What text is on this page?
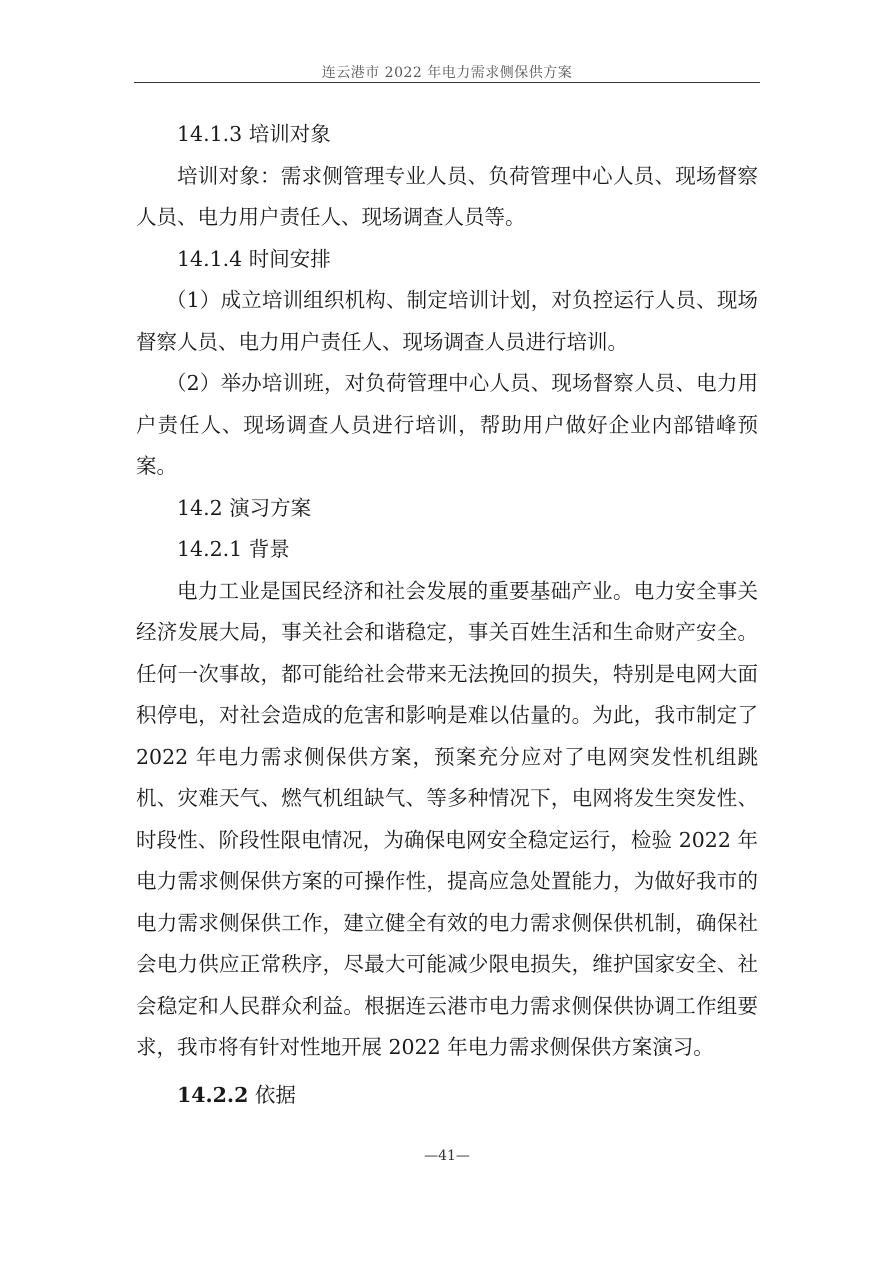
连云港市 2022 年电力需求侧保供方案

14.1.3 培训对象

培训对象：需求侧管理专业人员、负荷管理中心人员、现场督察人员、电力用户责任人、现场调查人员等。

14.1.4 时间安排

（1）成立培训组织机构、制定培训计划，对负控运行人员、现场督察人员、电力用户责任人、现场调查人员进行培训。

（2）举办培训班，对负荷管理中心人员、现场督察人员、电力用户责任人、现场调查人员进行培训，帮助用户做好企业内部错峰预案。

14.2 演习方案

14.2.1 背景

电力工业是国民经济和社会发展的重要基础产业。电力安全事关经济发展大局，事关社会和谐稳定，事关百姓生活和生命财产安全。任何一次事故，都可能给社会带来无法挽回的损失，特别是电网大面积停电，对社会造成的危害和影响是难以估量的。为此，我市制定了2022 年电力需求侧保供方案，预案充分应对了电网突发性机组跳机、灾难天气、燃气机组缺气、等多种情况下，电网将发生突发性、时段性、阶段性限电情况，为确保电网安全稳定运行，检验 2022 年电力需求侧保供方案的可操作性，提高应急处置能力，为做好我市的电力需求侧保供工作，建立健全有效的电力需求侧保供机制，确保社会电力供应正常秩序，尽最大可能减少限电损失，维护国家安全、社会稳定和人民群众利益。根据连云港市电力需求侧保供协调工作组要求，我市将有针对性地开展 2022 年电力需求侧保供方案演习。

14.2.2 依据

—41—
